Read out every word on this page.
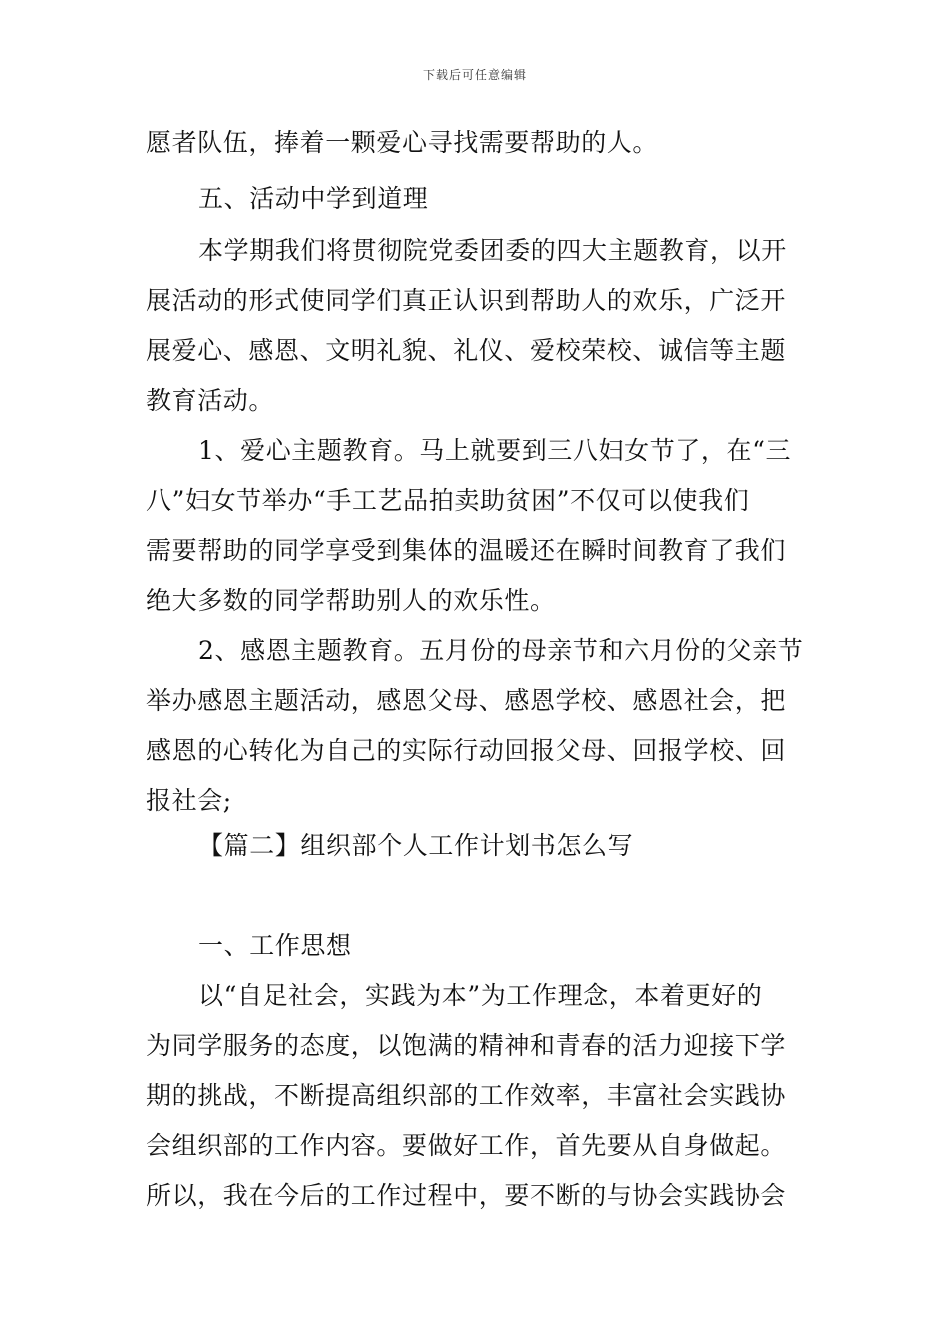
下载后可任意编辑
愿者队伍，捧着一颗爱心寻找需要帮助的人。
五、活动中学到道理
本学期我们将贯彻院党委团委的四大主题教育，以开
展活动的形式使同学们真正认识到帮助人的欢乐，广泛开
展爱心、感恩、文明礼貌、礼仪、爱校荣校、诚信等主题
教育活动。
1、爱心主题教育。马上就要到三八妇女节了，在“三
八”妇女节举办“手工艺品拍卖助贫困”不仅可以使我们
需要帮助的同学享受到集体的温暖还在瞬时间教育了我们
绝大多数的同学帮助别人的欢乐性。
2、感恩主题教育。五月份的母亲节和六月份的父亲节
举办感恩主题活动，感恩父母、感恩学校、感恩社会，把
感恩的心转化为自己的实际行动回报父母、回报学校、回
报社会;
【篇二】组织部个人工作计划书怎么写
一、工作思想
以“自足社会，实践为本”为工作理念，本着更好的
为同学服务的态度，以饱满的精神和青春的活力迎接下学
期的挑战，不断提高组织部的工作效率，丰富社会实践协
会组织部的工作内容。要做好工作，首先要从自身做起。
所以，我在今后的工作过程中，要不断的与协会实践协会
